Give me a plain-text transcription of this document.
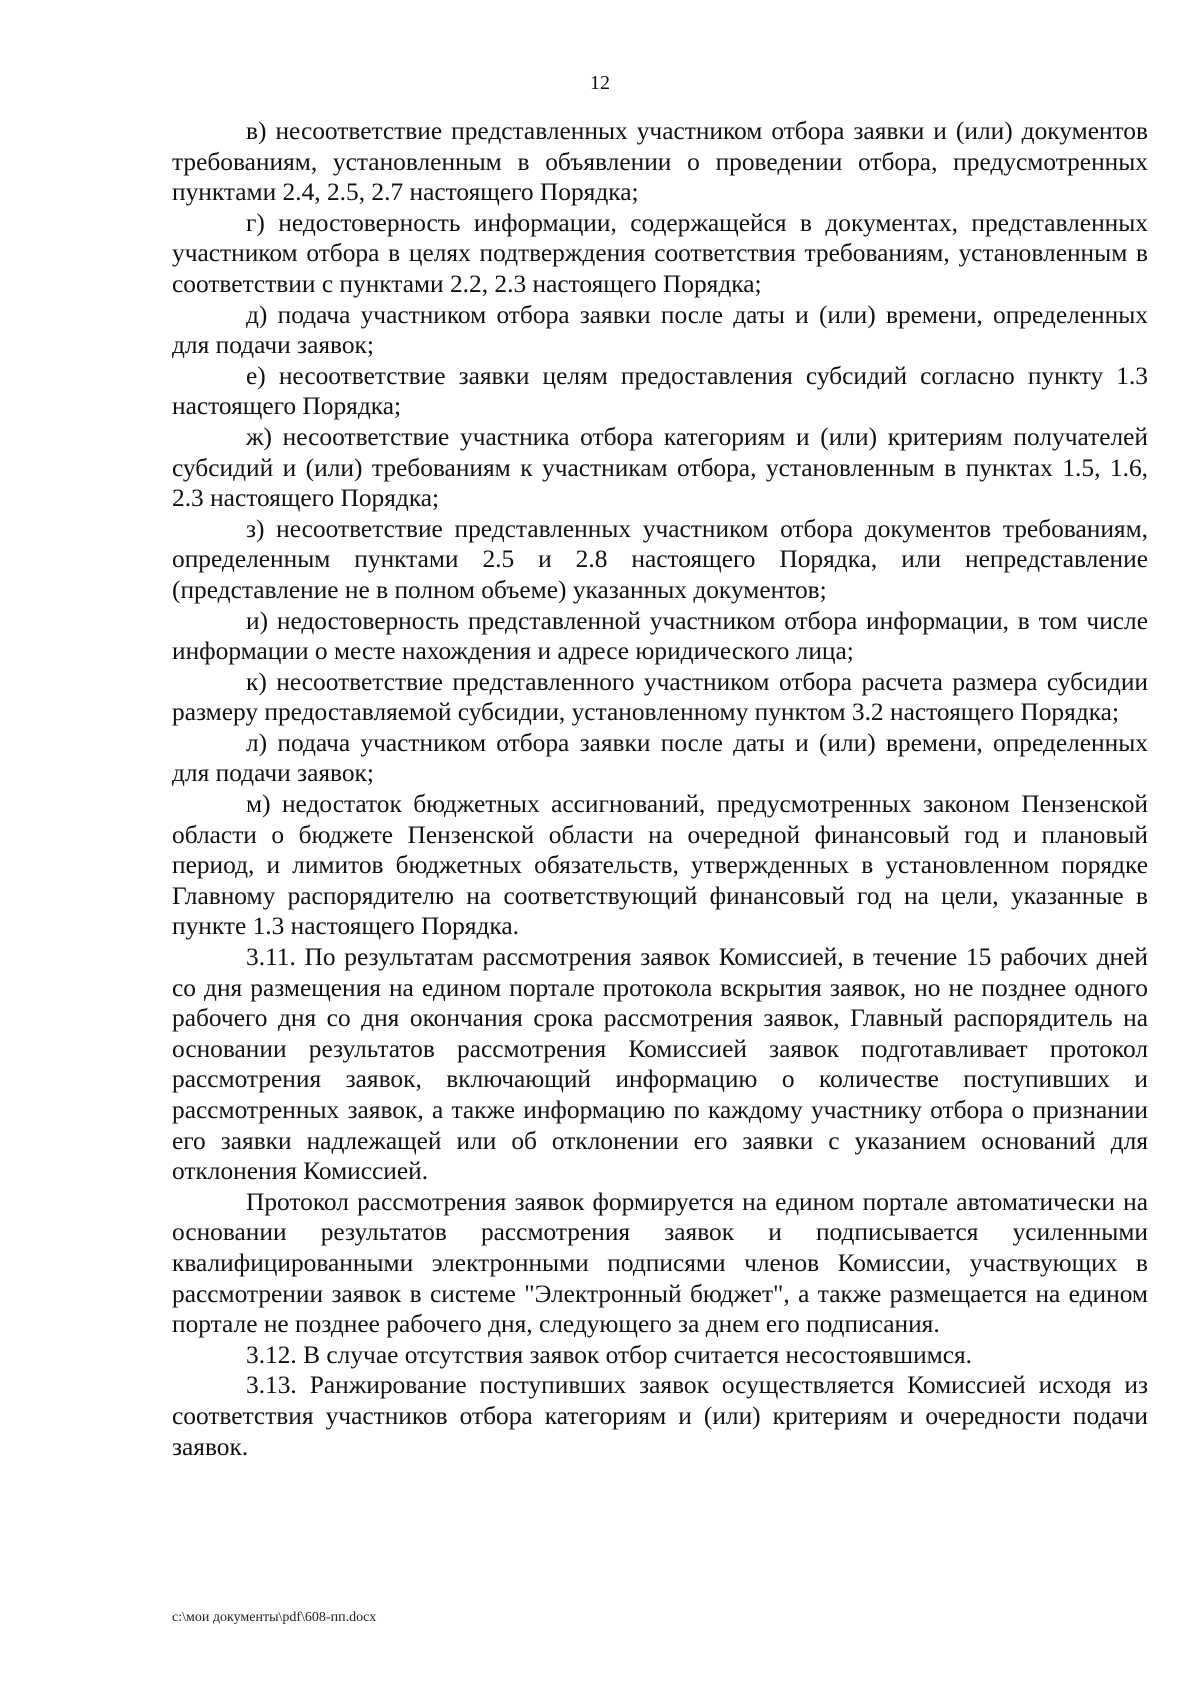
12

в) несоответствие представленных участником отбора заявки и (или) документов требованиям, установленным в объявлении о проведении отбора, предусмотренных пунктами 2.4, 2.5, 2.7 настоящего Порядка;

г) недостоверность информации, содержащейся в документах, представленных участником отбора в целях подтверждения соответствия требованиям, установленным в соответствии с пунктами 2.2, 2.3 настоящего Порядка;

д) подача участником отбора заявки после даты и (или) времени, определенных для подачи заявок;

е) несоответствие заявки целям предоставления субсидий согласно пункту 1.3 настоящего Порядка;

ж) несоответствие участника отбора категориям и (или) критериям получателей субсидий и (или) требованиям к участникам отбора, установленным в пунктах 1.5, 1.6, 2.3 настоящего Порядка;

з) несоответствие представленных участником отбора документов требованиям, определенным пунктами 2.5 и 2.8 настоящего Порядка, или непредставление (представление не в полном объеме) указанных документов;

и) недостоверность представленной участником отбора информации, в том числе информации о месте нахождения и адресе юридического лица;

к) несоответствие представленного участником отбора расчета размера субсидии размеру предоставляемой субсидии, установленному пунктом 3.2 настоящего Порядка;

л) подача участником отбора заявки после даты и (или) времени, определенных для подачи заявок;

м) недостаток бюджетных ассигнований, предусмотренных законом Пензенской области о бюджете Пензенской области на очередной финансовый год и плановый период, и лимитов бюджетных обязательств, утвержденных в установленном порядке Главному распорядителю на соответствующий финансовый год на цели, указанные в пункте 1.3 настоящего Порядка.

3.11. По результатам рассмотрения заявок Комиссией, в течение 15 рабочих дней со дня размещения на едином портале протокола вскрытия заявок, но не позднее одного рабочего дня со дня окончания срока рассмотрения заявок, Главный распорядитель на основании результатов рассмотрения Комиссией заявок подготавливает протокол рассмотрения заявок, включающий информацию о количестве поступивших и рассмотренных заявок, а также информацию по каждому участнику отбора о признании его заявки надлежащей или об отклонении его заявки с указанием оснований для отклонения Комиссией.

Протокол рассмотрения заявок формируется на едином портале автоматически на основании результатов рассмотрения заявок и подписывается усиленными квалифицированными электронными подписями членов Комиссии, участвующих в рассмотрении заявок в системе "Электронный бюджет", а также размещается на едином портале не позднее рабочего дня, следующего за днем его подписания.

3.12. В случае отсутствия заявок отбор считается несостоявшимся.

3.13. Ранжирование поступивших заявок осуществляется Комиссией исходя из соответствия участников отбора категориям и (или) критериям и очередности подачи заявок.

c:\мои документы\pdf\608-пп.docx
